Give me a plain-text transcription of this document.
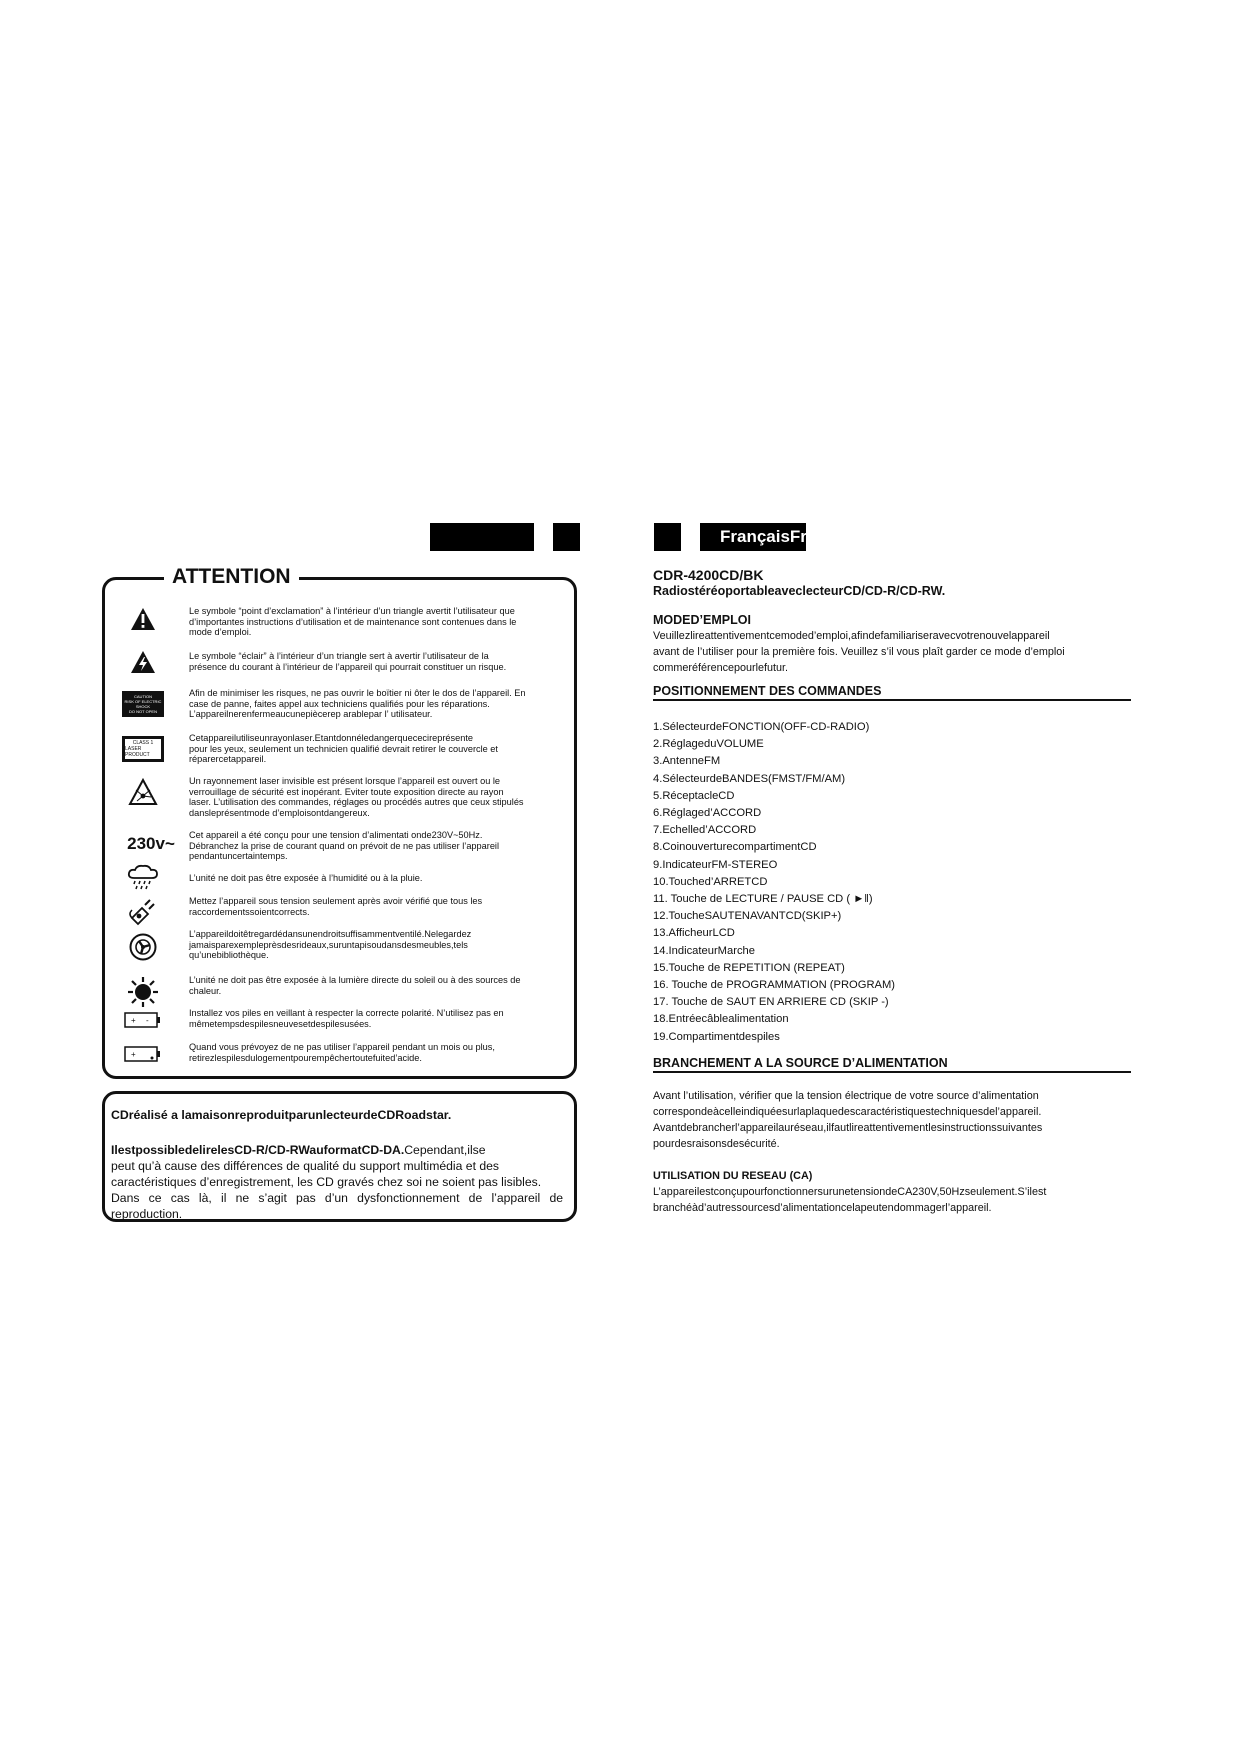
FrançaisFra
ATTENTION
CAUTION
RISK OF ELECTRIC
SHOCK
DO NOT OPEN
CLASS 1
LASER PRODUCT
230v~
+ -
+
Le symbole “point d’exclamation” à l’intérieur d’un triangle avertit l’utilisateur que
d’importantes instructions d’utilisation et de maintenance sont contenues dans le
mode d’emploi.
Le symbole “éclair” à l’intérieur d’un triangle sert à avertir l’utilisateur de la
présence du courant à l’intérieur de l’appareil qui pourrait constituer un risque.
Afin de minimiser les risques, ne pas ouvrir le boïtier ni ôter le dos de l’appareil. En
case de panne, faites appel aux techniciens qualifiés pour les réparations.
L’appareilnerenfermeaucunepiècerep arablepar l’ utilisateur.
Cetappareilutiliseunrayonlaser.Etantdonnéledangerquececireprésente
pour les yeux, seulement un technicien qualifié devrait retirer le couvercle et
réparercetappareil.
Un rayonnement laser invisible est présent lorsque l’appareil est ouvert ou le
verrouillage de sécurité est inopérant. Eviter toute exposition directe au rayon
laser. L’utilisation des commandes, réglages ou procédés autres que ceux stipulés
dansleprésentmode d’emploisontdangereux.
Cet appareil a été conçu pour une tension d’alimentati onde230V~50Hz.
Débranchez la prise de courant quand on prévoit de ne pas utiliser l’appareil
pendantuncertaintemps.
L’unité ne doit pas être exposée à l’humidité ou à la pluie.
Mettez l’appareil sous tension seulement après avoir vérifié que tous les
raccordementssoientcorrects.
L’appareildoitêtregardédansunendroitsuffisammentventilé.Nelegardez
jamaisparexempleprèsdesrideaux,suruntapisoudansdesmeubles,tels
qu’unebibliothèque.
L’unité ne doit pas être exposée à la lumière directe du soleil ou à des sources de
chaleur.
Installez vos piles en veillant à respecter la correcte polarité. N’utilisez pas en
mêmetempsdespilesneuvesetdespilesusées.
Quand vous prévoyez de ne pas utiliser l’appareil pendant un mois ou plus,
retirezlespilesdulogementpourempêchertoutefuited’acide.
CDréalisé a lamaisonreproduitparunlecteurdeCDRoadstar.
IlestpossibledelirelesCD-R/CD-RWauformatCD-DA.Cependant,ilse
peut qu’à cause des différences de qualité du support multimédia et des
caractéristiques d’enregistrement, les CD gravés chez soi ne soient pas lisibles.
Dans ce cas là, il ne s’agit pas d’un dysfonctionnement de l’appareil de reproduction.
CDR-4200CD/BK
RadiostéréoportableaveclecteurCD/CD-R/CD-RW.
MODED’EMPLOI
Veuillezlireattentivementcemoded’emploi,afindefamiliariseravecvotrenouvelappareil
avant de l’utiliser pour la première fois. Veuillez s’il vous plaît garder ce mode d’emploi
commeréférencepourlefutur.
POSITIONNEMENT DES COMMANDES
1.SélecteurdeFONCTION(OFF-CD-RADIO)
2.RéglageduVOLUME
3.AntenneFM
4.SélecteurdeBANDES(FMST/FM/AM)
5.RéceptacleCD
6.Réglaged’ACCORD
7.Echelled’ACCORD
8.CoinouverturecompartimentCD
9.IndicateurFM-STEREO
10.Touched’ARRETCD
11. Touche de LECTURE / PAUSE CD ( ►‖)
12.ToucheSAUTENAVANTCD(SKIP+)
13.AfficheurLCD
14.IndicateurMarche
15.Touche de REPETITION (REPEAT)
16. Touche de PROGRAMMATION (PROGRAM)
17. Touche de SAUT EN ARRIERE CD (SKIP -)
18.Entréecâblealimentation
19.Compartimentdespiles
BRANCHEMENT A LA SOURCE D’ALIMENTATION
Avant l’utilisation, vérifier que la tension électrique de votre source d’alimentation
correspondeàcelleindiquéesurlaplaquedescaractéristiquestechniquesdel’appareil.
Avantdebrancherl’appareilauréseau,ilfautlireattentivementlesinstructionssuivantes
pourdesraisonsdesécurité.
UTILISATION DU RESEAU (CA)
L’appareilestconçupourfonctionnersurunetensiondeCA230V,50Hzseulement.S’ilest
branchéàd’autressourcesd’alimentationcelapeutendommagerl’appareil.
